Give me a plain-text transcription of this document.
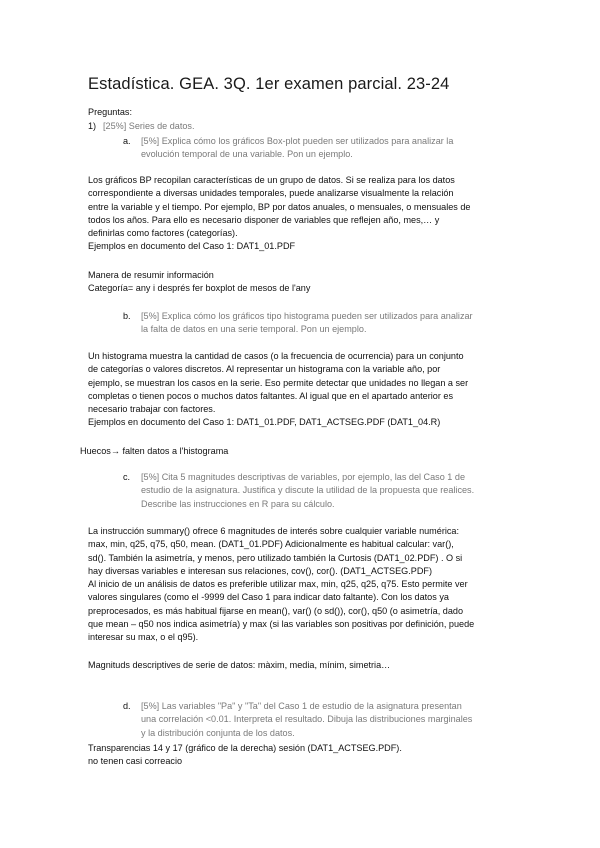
Estadística. GEA. 3Q. 1er examen parcial. 23-24
Preguntas:
1) [25%] Series de datos.
a. [5%] Explica cómo los gráficos Box-plot pueden ser utilizados para analizar la
evolución temporal de una variable. Pon un ejemplo.
Los gráficos BP recopilan características de un grupo de datos. Si se realiza para los datos
correspondiente a diversas unidades temporales, puede analizarse visualmente la relación
entre la variable y el tiempo. Por ejemplo, BP por datos anuales, o mensuales, o mensuales de
todos los años. Para ello es necesario disponer de variables que reflejen año, mes,… y
definirlas como factores (categorías).
Ejemplos en documento del Caso 1: DAT1_01.PDF
Manera de resumir información
Categoría= any i després fer boxplot de mesos de l'any
b. [5%] Explica cómo los gráficos tipo histograma pueden ser utilizados para analizar
la falta de datos en una serie temporal. Pon un ejemplo.
Un histograma muestra la cantidad de casos (o la frecuencia de ocurrencia) para un conjunto
de categorías o valores discretos. Al representar un histograma con la variable año, por
ejemplo, se muestran los casos en la serie. Eso permite detectar que unidades no llegan a ser
completas o tienen pocos o muchos datos faltantes. Al igual que en el apartado anterior es
necesario trabajar con factores.
Ejemplos en documento del Caso 1: DAT1_01.PDF, DAT1_ACTSEG.PDF (DAT1_04.R)
Huecos→ falten datos a l'histograma
c. [5%] Cita 5 magnitudes descriptivas de variables, por ejemplo, las del Caso 1 de
estudio de la asignatura. Justifica y discute la utilidad de la propuesta que realices.
Describe las instrucciones en R para su cálculo.
La instrucción summary() ofrece 6 magnitudes de interés sobre cualquier variable numérica:
max, min, q25, q75, q50, mean. (DAT1_01.PDF) Adicionalmente es habitual calcular: var(),
sd(). También la asimetría, y menos, pero utilizado también la Curtosis (DAT1_02.PDF) . O si
hay diversas variables e interesan sus relaciones, cov(), cor(). (DAT1_ACTSEG.PDF)
Al inicio de un análisis de datos es preferible utilizar max, min, q25, q25, q75. Esto permite ver
valores singulares (como el -9999 del Caso 1 para indicar dato faltante). Con los datos ya
preprocesados, es más habitual fijarse en mean(), var() (o sd()), cor(), q50 (o asimetría, dado
que mean – q50 nos indica asimetría) y max (si las variables son positivas por definición, puede
interesar su max, o el q95).
Magnituds descriptives de serie de datos: màxim, media, mínim, simetria…
d. [5%] Las variables "Pa" y "Ta" del Caso 1 de estudio de la asignatura presentan
una correlación <0.01. Interpreta el resultado. Dibuja las distribuciones marginales
y la distribución conjunta de los datos.
Transparencias 14 y 17 (gráfico de la derecha) sesión (DAT1_ACTSEG.PDF).
no tenen casi correacio
